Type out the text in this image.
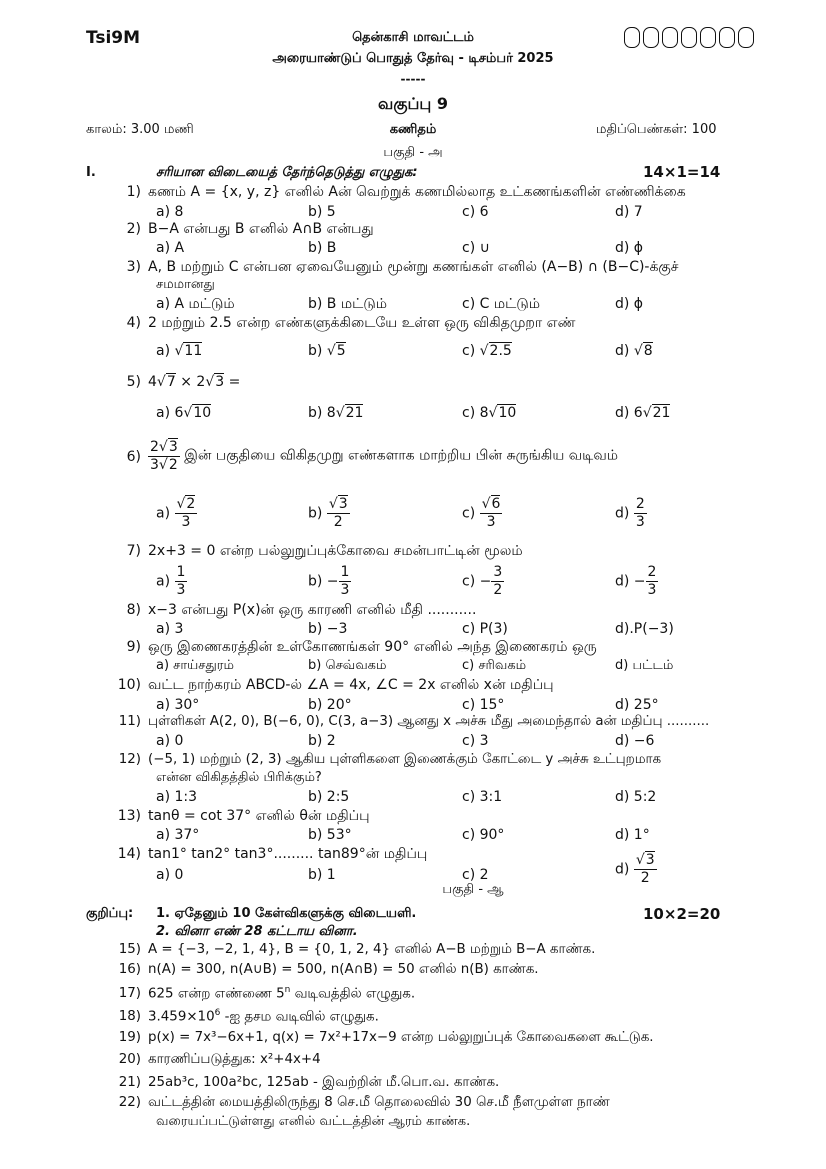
Tsi9M	தென்காசி மாவட்டம்
அரையாண்டுப் பொதுத் தேர்வு - டிசம்பர் 2025
-----
வகுப்பு 9
காலம்: 3.00 மணி	கணிதம்	மதிப்பெண்கள்: 100
பகுதி - அ
I.	சரியான விடையைத் தேர்ந்தெடுத்து எழுதுக:	14×1=14
1) கணம் A = {x, y, z} எனில் Aன் வெற்றுக் கணமில்லாத உட்கணங்களின் எண்ணிக்கை
a) 8	b) 5	c) 6	d) 7
2) B−A என்பது B எனில் A∩B என்பது
a) A	b) B	c) ∪	d) ϕ
3) A, B மற்றும் C என்பன ஏவையேனும் மூன்று கணங்கள் எனில் (A−B) ∩ (B−C)-க்குச்
சமமானது
a) A மட்டும்	b) B மட்டும்	c) C மட்டும்	d) ϕ
4) 2 மற்றும் 2.5 என்ற எண்களுக்கிடையே உள்ள ஒரு விகிதமுறா எண்
a) √11	b) √5	c) √2.5	d) √8
5) 4√7 × 2√3 =
a) 6√10	b) 8√21	c) 8√10	d) 6√21
$6) \frac{2√3}{3√2}$ இன் பகுதியை விகிதமுறு எண்களாக மாற்றிய பின் சுருங்கிய வடிவம்
$a) \frac{√2}{3}$	$b) \frac{√3}{2}$	$c) \frac{√6}{3}$	$d) \frac{2}{3}$
7) 2x+3 = 0 என்ற பல்லுறுப்புக்கோவை சமன்பாட்டின் மூலம்
$a) \frac{1}{3}$	$b) - \frac{1}{3}$	$c) - \frac{3}{2}$	$d) - \frac{2}{3}$
8) x−3 என்பது P(x)ன் ஒரு காரணி எனில் மீதி ...........
a) 3	b) −3	c) P(3)	d).P(−3)
9) ஒரு இணைகரத்தின் உள்கோணங்கள் 90° எனில் அந்த இணைகரம் ஒரு
a) சாய்சதுரம்	b) செவ்வகம்	c) சரிவகம்	d) பட்டம்
10) வட்ட நாற்கரம் ABCD-ல் ∠A = 4x, ∠C = 2x எனில் xன் மதிப்பு
a) 30°	b) 20°	c) 15°	d) 25°
11) புள்ளிகள் A(2, 0), B(−6, 0), C(3, a−3) ஆனது x அச்சு மீது அமைந்தால் aன் மதிப்பு ..........
a) 0	b) 2	c) 3	d) −6
12) (−5, 1) மற்றும் (2, 3) ஆகிய புள்ளிகளை இணைக்கும் கோட்டை y அச்சு உட்புறமாக
என்ன விகிதத்தில் பிரிக்கும்?
a) 1:3	b) 2:5	c) 3:1	d) 5:2
13) tanθ = cot 37° எனில் θன் மதிப்பு
a) 37°	b) 53°	c) 90°	d) 1°
14) tan1° tan2° tan3°......... tan89°ன் மதிப்பு
a) 0	b) 1	c) 2	$d) \frac{√3}{2}$
பகுதி - ஆ
குறிப்பு: 1. ஏதேனும் 10 கேள்விகளுக்கு விடையளி.	10×2=20
2. வினா எண் 28 கட்டாய வினா.
15) A = {−3, −2, 1, 4}, B = {0, 1, 2, 4} எனில் A−B மற்றும் B−A காண்க.
16) n(A) = 300, n(A∪B) = 500, n(A∩B) = 50 எனில் n(B) காண்க.
17) 625 என்ற எண்ணை 5$^n$ வடிவத்தில் எழுதுக.
18) $3.459\times 10^6$ -ஐ தசம வடிவில் எழுதுக.
19) p(x) = 7x³−6x+1, q(x) = 7x²+17x−9 என்ற பல்லுறுப்புக் கோவைகளை கூட்டுக.
20) காரணிப்படுத்துக: x²+4x+4
21) 25ab³c, 100a²bc, 125ab - இவற்றின் மீ.பொ.வ. காண்க.
22) வட்டத்தின் மையத்திலிருந்து 8 செ.மீ தொலைவில் 30 செ.மீ நீளமுள்ள நாண்
வரையப்பட்டுள்ளது எனில் வட்டத்தின் ஆரம் காண்க.
